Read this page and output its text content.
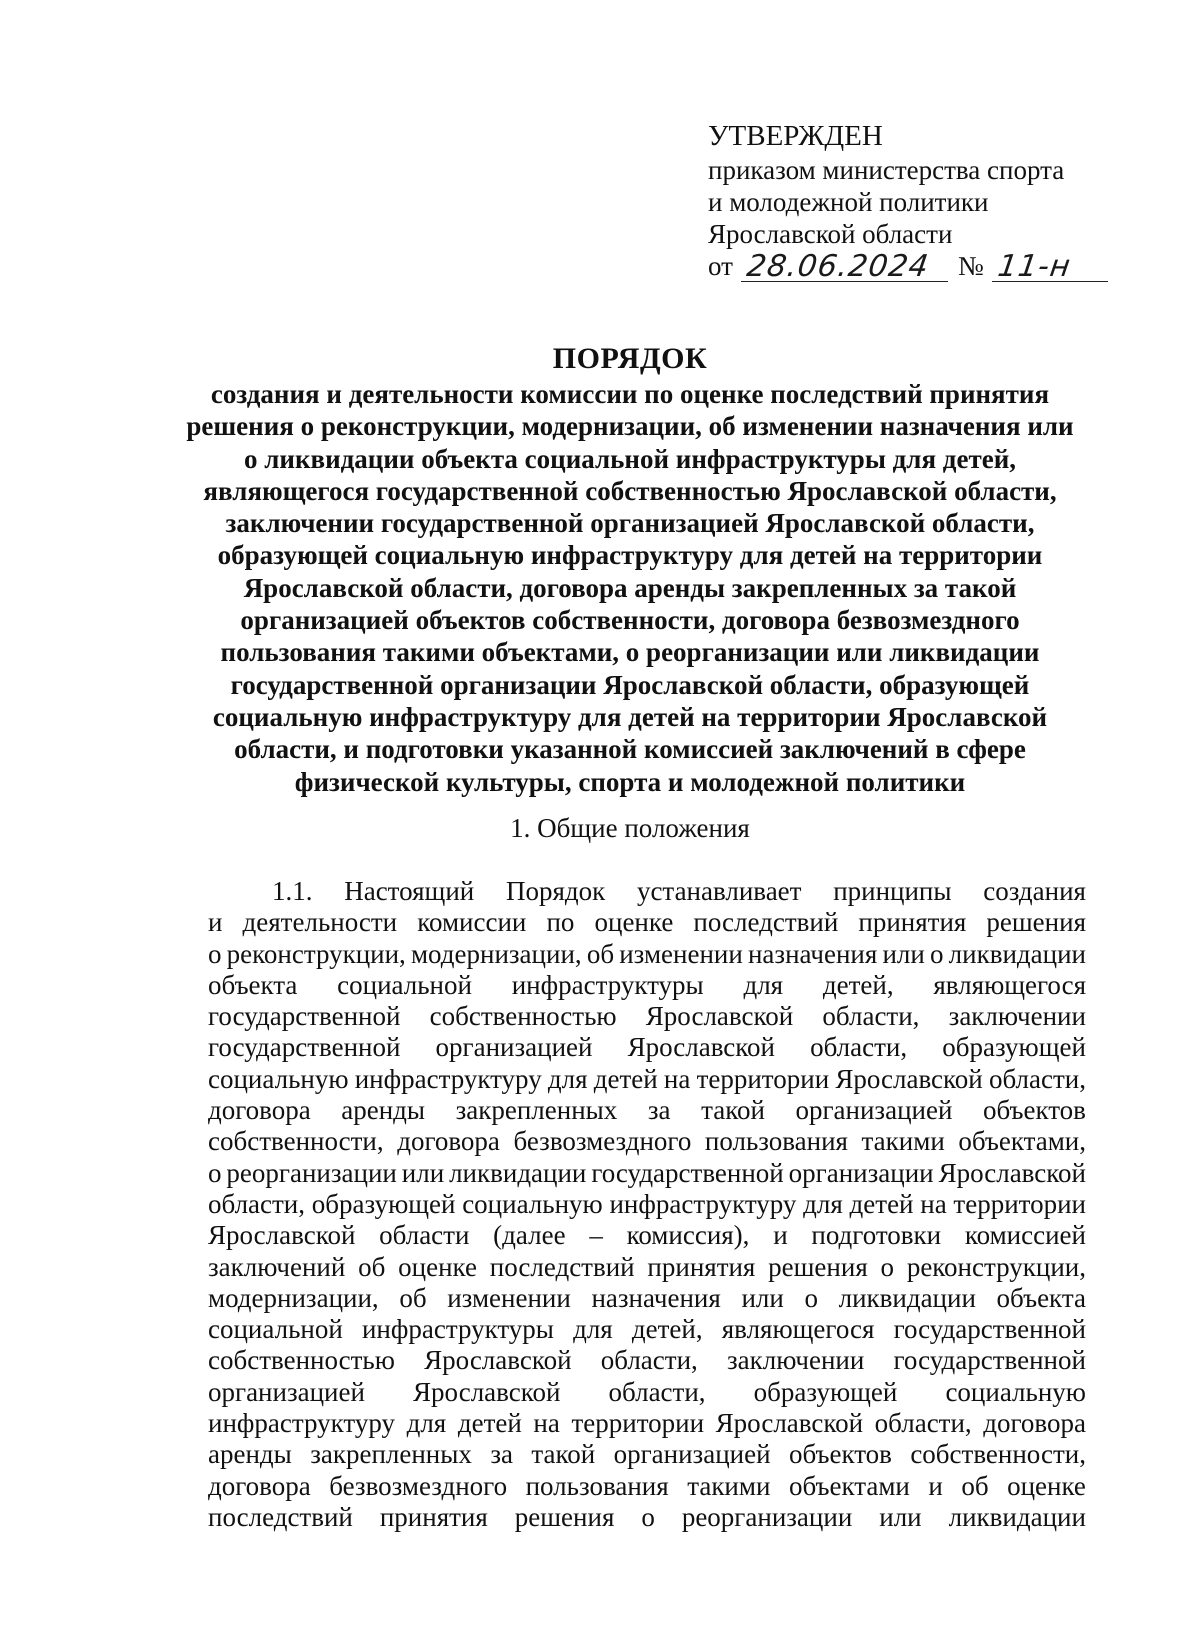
УТВЕРЖДЕН
приказом министерства спорта
и молодежной политики
Ярославской области
от 28.06.2024 № 11-н
ПОРЯДОК
создания и деятельности комиссии по оценке последствий принятия
решения о реконструкции, модернизации, об изменении назначения или
о ликвидации объекта социальной инфраструктуры для детей,
являющегося государственной собственностью Ярославской области,
заключении государственной организацией Ярославской области,
образующей социальную инфраструктуру для детей на территории
Ярославской области, договора аренды закрепленных за такой
организацией объектов собственности, договора безвозмездного
пользования такими объектами, о реорганизации или ликвидации
государственной организации Ярославской области, образующей
социальную инфраструктуру для детей на территории Ярославской
области, и подготовки указанной комиссией заключений в сфере
физической культуры, спорта и молодежной политики
1. Общие положения
1.1. Настоящий Порядок устанавливает принципы создания
и деятельности комиссии по оценке последствий принятия решения
о реконструкции, модернизации, об изменении назначения или о ликвидации
объекта социальной инфраструктуры для детей, являющегося
государственной собственностью Ярославской области, заключении
государственной организацией Ярославской области, образующей
социальную инфраструктуру для детей на территории Ярославской области,
договора аренды закрепленных за такой организацией объектов
собственности, договора безвозмездного пользования такими объектами,
о реорганизации или ликвидации государственной организации Ярославской
области, образующей социальную инфраструктуру для детей на территории
Ярославской области (далее – комиссия), и подготовки комиссией
заключений об оценке последствий принятия решения о реконструкции,
модернизации, об изменении назначения или о ликвидации объекта
социальной инфраструктуры для детей, являющегося государственной
собственностью Ярославской области, заключении государственной
организацией Ярославской области, образующей социальную
инфраструктуру для детей на территории Ярославской области, договора
аренды закрепленных за такой организацией объектов собственности,
договора безвозмездного пользования такими объектами и об оценке
последствий принятия решения о реорганизации или ликвидации
